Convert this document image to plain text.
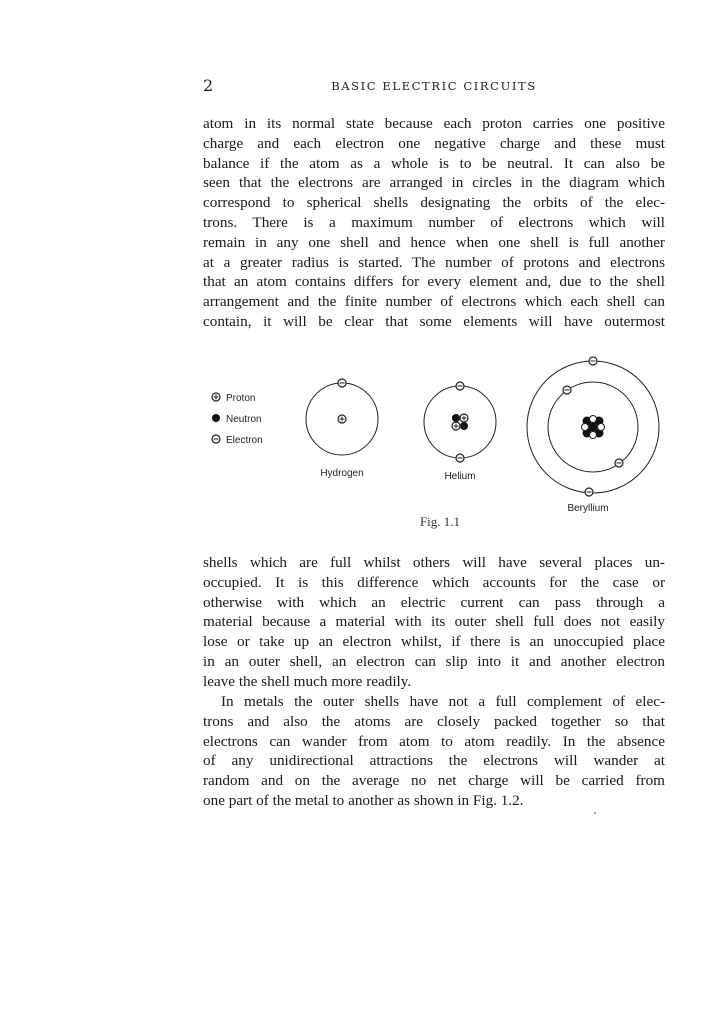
2	BASIC ELECTRIC CIRCUITS
atom in its normal state because each proton carries one positive
charge and each electron one negative charge and these must
balance if the atom as a whole is to be neutral. It can also be
seen that the electrons are arranged in circles in the diagram which
correspond to spherical shells designating the orbits of the elec-
trons. There is a maximum number of electrons which will
remain in any one shell and hence when one shell is full another
at a greater radius is started. The number of protons and electrons
that an atom contains differs for every element and, due to the shell
arrangement and the finite number of electrons which each shell can
contain, it will be clear that some elements will have outermost
Proton
Neutron
Electron
Hydrogen	Helium
Beryllium
Fig. 1.1
shells which are full whilst others will have several places un-
occupied. It is this difference which accounts for the case or
otherwise with which an electric current can pass through a
material because a material with its outer shell full does not easily
lose or take up an electron whilst, if there is an unoccupied place
in an outer shell, an electron can slip into it and another electron
leave the shell much more readily.
In metals the outer shells have not a full complement of elec-
trons and also the atoms are closely packed together so that
electrons can wander from atom to atom readily. In the absence
of any unidirectional attractions the electrons will wander at
random and on the average no net charge will be carried from
one part of the metal to another as shown in Fig. 1.2.
